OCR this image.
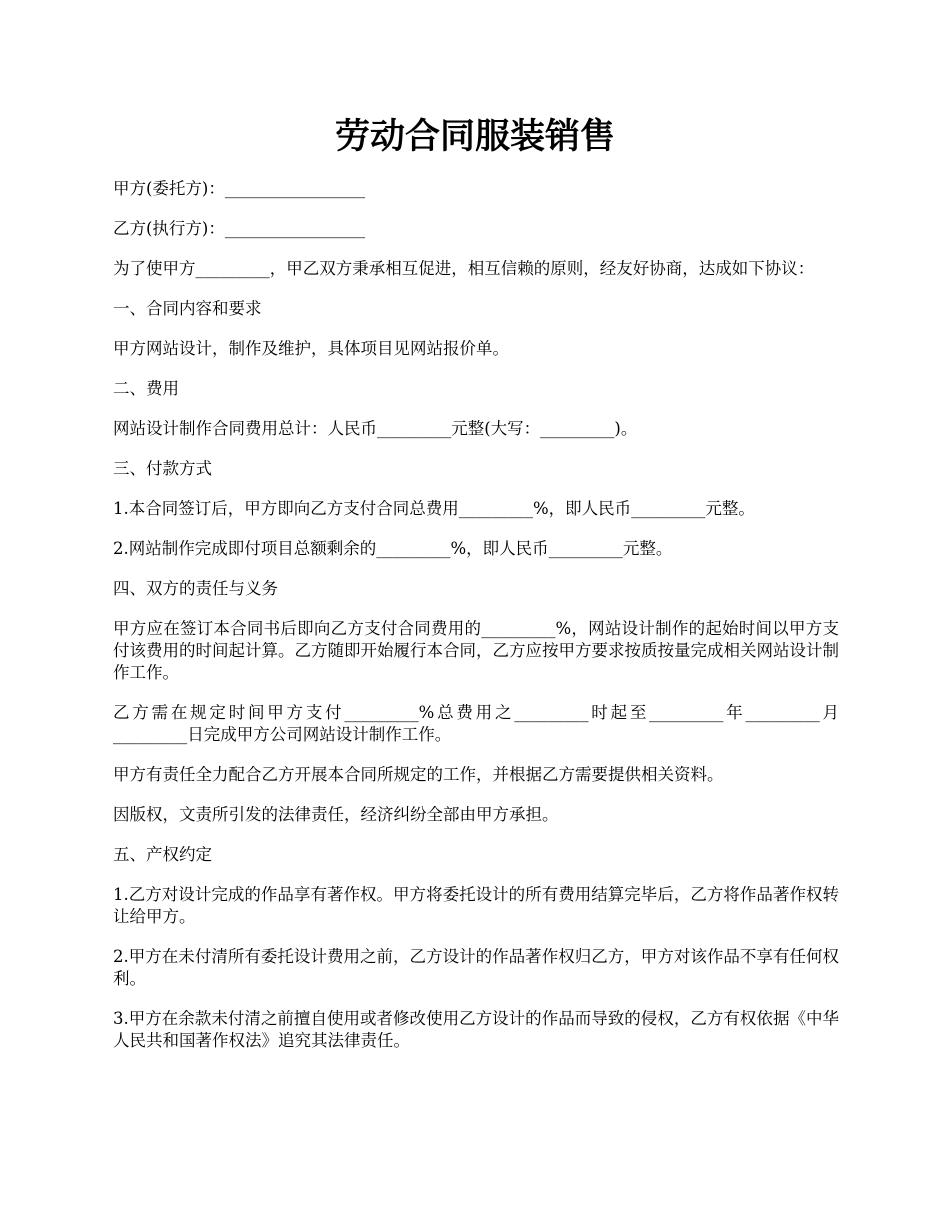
劳动合同服装销售

甲方(委托方)：_________________

乙方(执行方)：_________________

为了使甲方_________，甲乙双方秉承相互促进，相互信赖的原则，经友好协商，达成如下协议：

一、合同内容和要求

甲方网站设计，制作及维护，具体项目见网站报价单。

二、费用

网站设计制作合同费用总计：人民币_________元整(大写：_________)。

三、付款方式

1.本合同签订后，甲方即向乙方支付合同总费用_________%，即人民币_________元整。

2.网站制作完成即付项目总额剩余的_________%，即人民币_________元整。

四、双方的责任与义务

甲方应在签订本合同书后即向乙方支付合同费用的_________%，网站设计制作的起始时间以甲方支付该费用的时间起计算。乙方随即开始履行本合同，乙方应按甲方要求按质按量完成相关网站设计制作工作。

乙方需在规定时间甲方支付_________%总费用之_________时起至_________年_________月_________日完成甲方公司网站设计制作工作。

甲方有责任全力配合乙方开展本合同所规定的工作，并根据乙方需要提供相关资料。

因版权，文责所引发的法律责任，经济纠纷全部由甲方承担。

五、产权约定

1.乙方对设计完成的作品享有著作权。甲方将委托设计的所有费用结算完毕后，乙方将作品著作权转让给甲方。

2.甲方在未付清所有委托设计费用之前，乙方设计的作品著作权归乙方，甲方对该作品不享有任何权利。

3.甲方在余款未付清之前擅自使用或者修改使用乙方设计的作品而导致的侵权，乙方有权依据《中华人民共和国著作权法》追究其法律责任。
